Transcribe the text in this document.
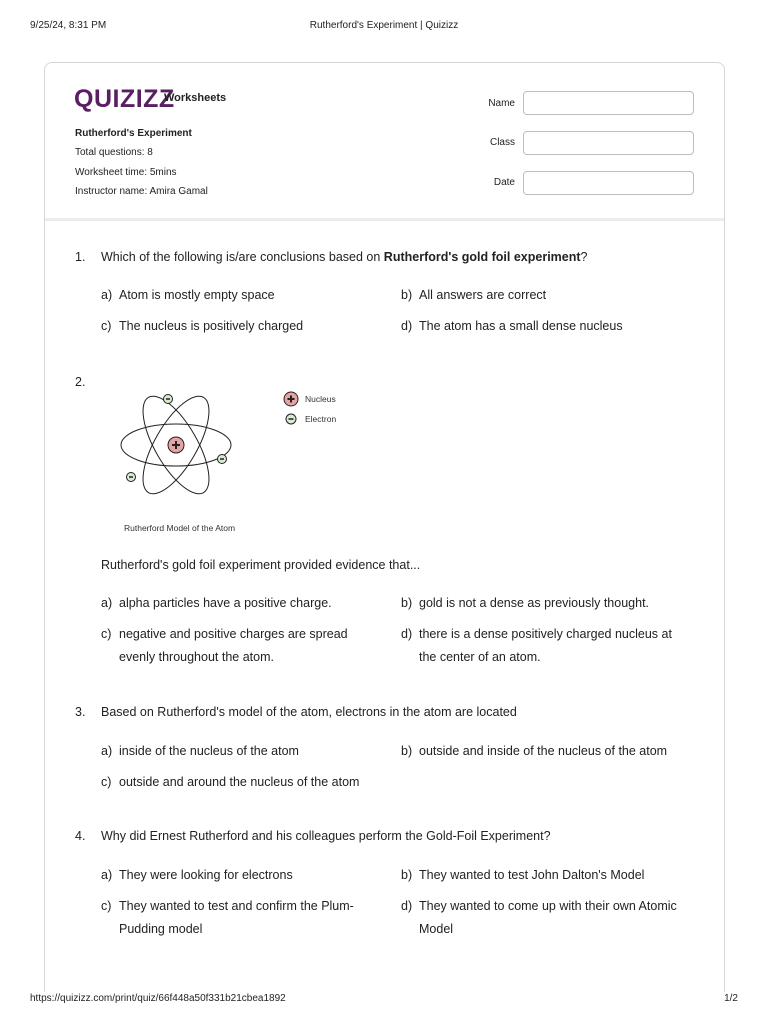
9/25/24, 8:31 PM	Rutherford's Experiment | Quizizz
QUIZIZZ
Worksheets
Rutherford's Experiment
Total questions: 8
Worksheet time: 5mins
Instructor name: Amira Gamal
Name
Class
Date
1. Which of the following is/are conclusions based on Rutherford's gold foil experiment?
a) Atom is mostly empty space	b) All answers are correct
c) The nucleus is positively charged	d) The atom has a small dense nucleus
2.
Nucleus
Electron
Rutherford Model of the Atom
Rutherford's gold foil experiment provided evidence that...
a) alpha particles have a positive charge.	b) gold is not a dense as previously thought.
c) negative and positive charges are spread evenly throughout the atom.
d) there is a dense positively charged nucleus at the center of an atom.
3. Based on Rutherford's model of the atom, electrons in the atom are located
a) inside of the nucleus of the atom	b) outside and inside of the nucleus of the atom
c) outside and around the nucleus of the atom
4. Why did Ernest Rutherford and his colleagues perform the Gold-Foil Experiment?
a) They were looking for electrons	b) They wanted to test John Dalton's Model
c) They wanted to test and confirm the Plum-Pudding model
d) They wanted to come up with their own Atomic Model
https://quizizz.com/print/quiz/66f448a50f331b21cbea1892	1/2
